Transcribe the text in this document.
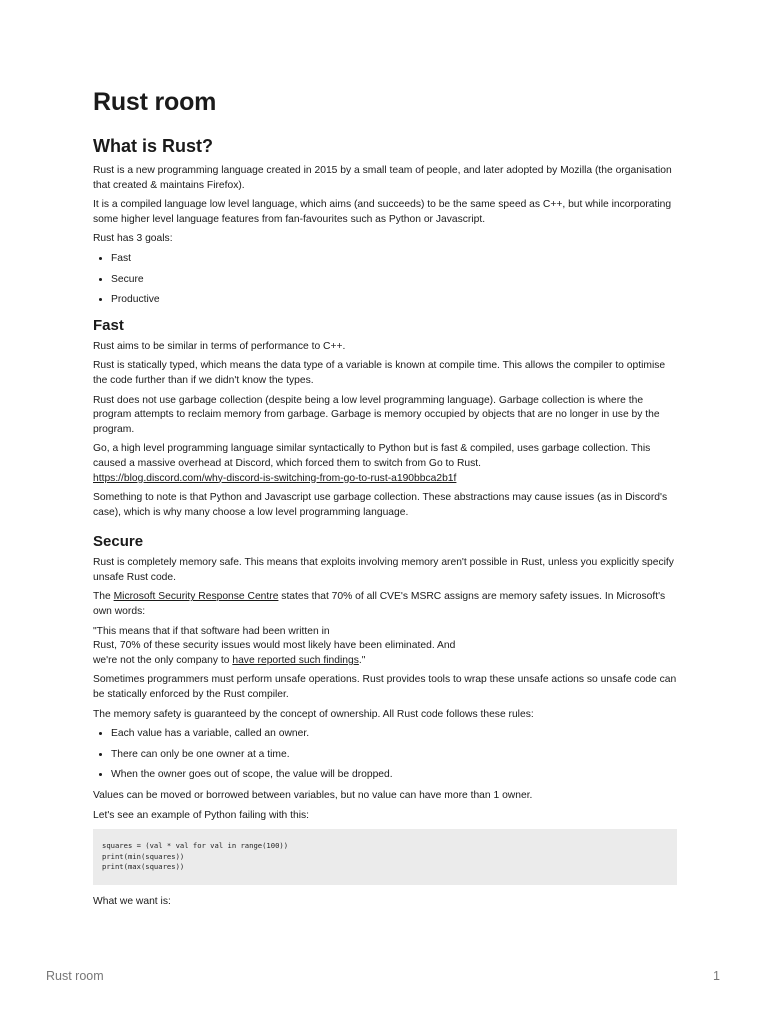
Rust room
What is Rust?

Rust is a new programming language created in 2015 by a small team of people, and later adopted by Mozilla (the organisation that created & maintains Firefox).

It is a compiled language low level language, which aims (and succeeds) to be the same speed as C++, but while incorporating some higher level language features from fan-favourites such as Python or Javascript.

Rust has 3 goals:

• Fast
• Secure
• Productive
Fast

Rust aims to be similar in terms of performance to C++.

Rust is statically typed, which means the data type of a variable is known at compile time. This allows the compiler to optimise the code further than if we didn't know the types.

Rust does not use garbage collection (despite being a low level programming language). Garbage collection is where the program attempts to reclaim memory from garbage. Garbage is memory occupied by objects that are no longer in use by the program.

Go, a high level programming language similar syntactically to Python but is fast & compiled, uses garbage collection. This caused a massive overhead at Discord, which forced them to switch from Go to Rust.
https://blog.discord.com/why-discord-is-switching-from-go-to-rust-a190bbca2b1f

Something to note is that Python and Javascript use garbage collection. These abstractions may cause issues (as in Discord's case), which is why many choose a low level programming language.

Secure

Rust is completely memory safe. This means that exploits involving memory aren't possible in Rust, unless you explicitly specify unsafe Rust code.

The Microsoft Security Response Centre states that 70% of all CVE's MSRC assigns are memory safety issues. In Microsoft's own words:

"This means that if that software had been written in
Rust, 70% of these security issues would most likely have been eliminated. And
we're not the only company to have reported such findings."

Sometimes programmers must perform unsafe operations. Rust provides tools to wrap these unsafe actions so unsafe code can be statically enforced by the Rust compiler.

The memory safety is guaranteed by the concept of ownership. All Rust code follows these rules:

• Each value has a variable, called an owner.
• There can only be one owner at a time.
• When the owner goes out of scope, the value will be dropped.

Values can be moved or borrowed between variables, but no value can have more than 1 owner.

Let's see an example of Python failing with this:

squares = (val * val for val in range(100))
print(min(squares))
print(max(squares))

What we want is:

Rust room	1
